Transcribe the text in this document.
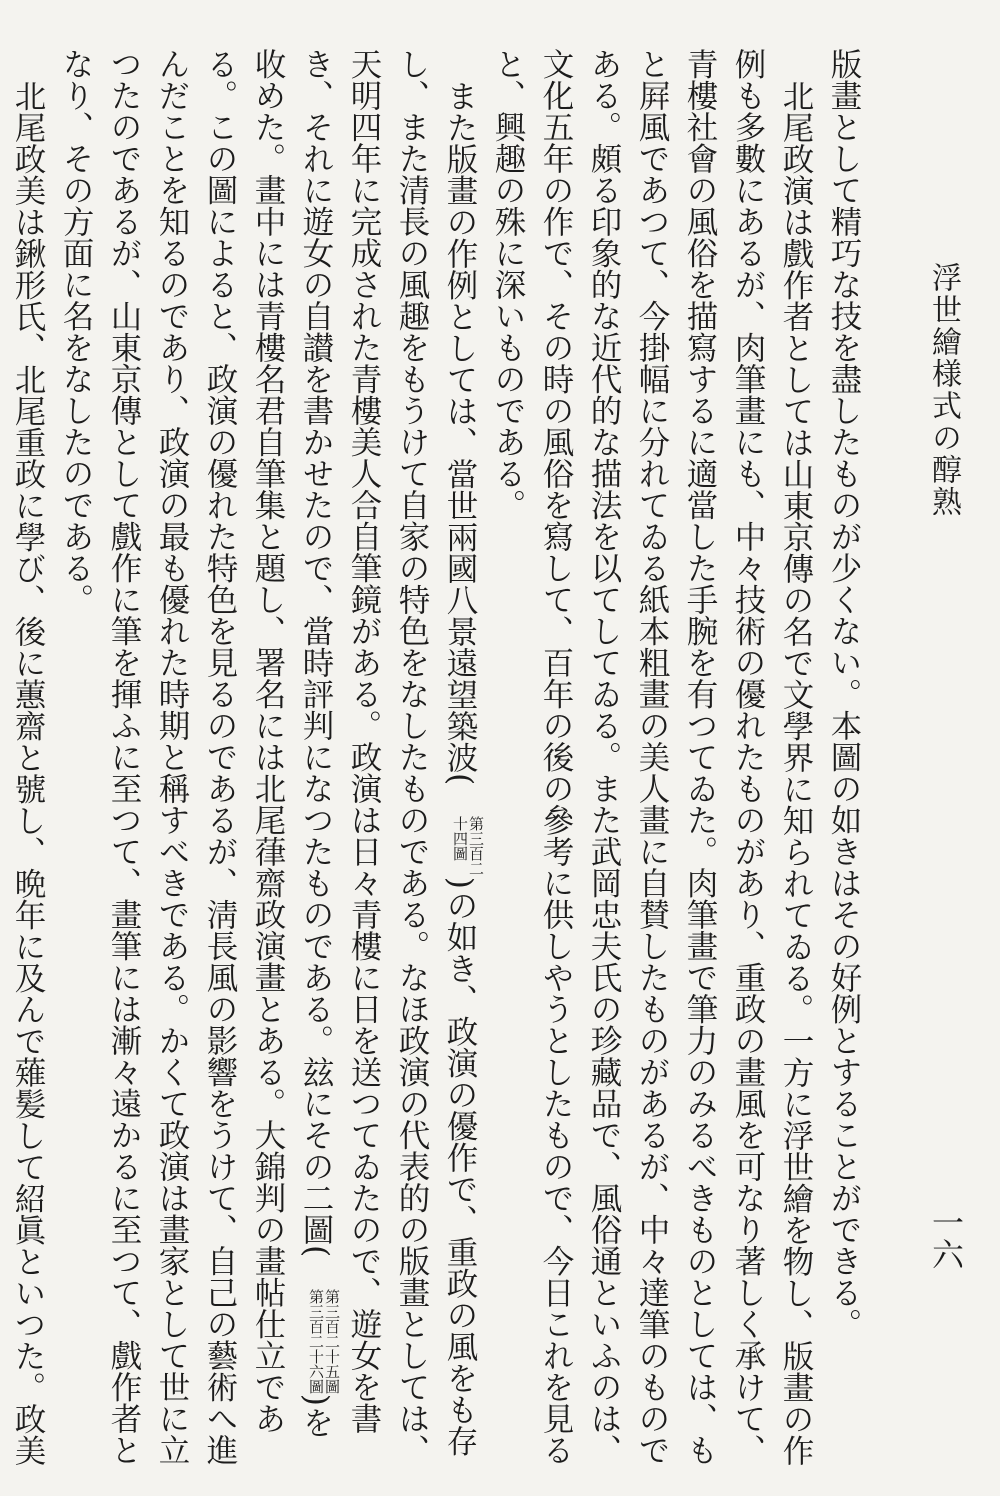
浮世繪様式の醇熟
一六

版畫として精巧な技を盡したものが少くない。本圖の如きはその好例とすることができる。

北尾政演は戲作者としては山東京傳の名で文學界に知られてゐる。一方に浮世繪を物し、版畫の作例も多數にあるが、肉筆畫にも、中々技術の優れたものがあり、重政の畫風を可なり著しく承けて、青樓社會の風俗を描寫するに適當した手腕を有つてゐた。肉筆畫で筆力のみるべきものとしては、もと屛風であつて、今掛幅に分れてゐる紙本粗畫の美人畫に自賛したものがあるが、中々達筆のものである。頗る印象的な近代的な描法を以てしてゐる。また武岡忠夫氏の珍藏品で、風俗通といふのは、文化五年の作で、その時の風俗を寫して、百年の後の參考に供しやうとしたもので、今日これを見ると、興趣の殊に深いものである。

また版畫の作例としては、當世兩國八景遠望築波(
第三百二
十四圖
)の如き、政演の優作で、重政の風をも存し、また清長の風趣をもうけて自家の特色をなしたものである。なほ政演の代表的の版畫としては、天明四年に完成された青樓美人合自筆鏡がある。政演は日々青樓に日を送つてゐたので、遊女を書き、それに遊女の自讃を書かせたので、當時評判になつたものである。玆にその二圖(
第三百二十五圖
第三百二十六圖
)を收めた。畫中には青樓名君自筆集と題し、署名には北尾葎齋政演畫とある。大錦判の畫帖仕立である。この圖によると、政演の優れた特色を見るのであるが、淸長風の影響をうけて、自己の藝術へ進んだことを知るのであり、政演の最も優れた時期と稱すべきである。かくて政演は畫家として世に立つたのであるが、山東京傳として戲作に筆を揮ふに至つて、畫筆には漸々遠かるに至つて、戲作者となり、その方面に名をなしたのである。

北尾政美は鍬形氏、北尾重政に學び、後に蕙齋と號し、晩年に及んで薙髪して紹眞といつた。政美
